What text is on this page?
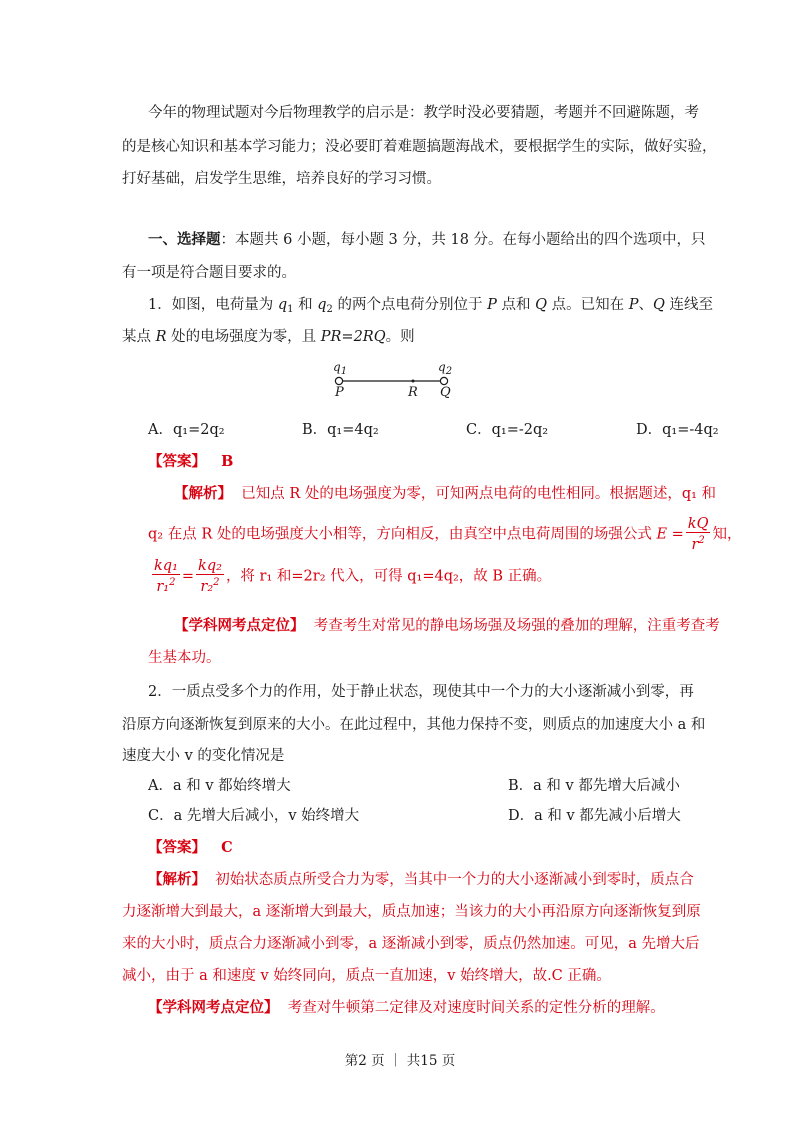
今年的物理试题对今后物理教学的启示是：教学时没必要猜题，考题并不回避陈题，考
的是核心知识和基本学习能力；没必要盯着难题搞题海战术，要根据学生的实际，做好实验，
打好基础，启发学生思维，培养良好的学习习惯。
一、选择题：本题共 6 小题，每小题 3 分，共 18 分。在每小题给出的四个选项中，只
有一项是符合题目要求的。
1．如图，电荷量为 $q_1$ 和 $q_2$ 的两个点电荷分别位于 P 点和 Q 点。已知在 P、Q 连线至
某点 R 处的电场强度为零，且 PR=2RQ。则
$q_1$	$q_2$
P	R Q
A．q₁=2q₂	B．q₁=4q₂	C．q₁=-2q₂	D．q₁=-4q₂
【答案】 B
【解析】 已知点 R 处的电场强度为零，可知两点电荷的电性相同。根据题述，q₁ 和
q₂ 在点 R 处的电场强度大小相等，方向相反，由真空中点电荷周围的场强公式 $E = \frac{kQ}{r^2}$ 知，
$\frac{\text{kq₁}}{r_1^2} = \frac{\text{kq₂}}{r_2^2}$ ，将 r₁ 和=2r₂ 代入，可得 q₁=4q₂，故 B 正确。
【学科网考点定位】 考查考生对常见的静电场场强及场强的叠加的理解，注重考查考
生基本功。
2．一质点受多个力的作用，处于静止状态，现使其中一个力的大小逐渐减小到零，再
沿原方向逐渐恢复到原来的大小。在此过程中，其他力保持不变，则质点的加速度大小 a 和
速度大小 v 的变化情况是
A．a 和 v 都始终增大	B．a 和 v 都先增大后减小
C．a 先增大后减小，v 始终增大	D．a 和 v 都先减小后增大
【答案】 C
【解析】 初始状态质点所受合力为零，当其中一个力的大小逐渐减小到零时，质点合
力逐渐增大到最大，a 逐渐增大到最大，质点加速；当该力的大小再沿原方向逐渐恢复到原
来的大小时，质点合力逐渐减小到零，a 逐渐减小到零，质点仍然加速。可见，a 先增大后
减小，由于 a 和速度 v 始终同向，质点一直加速，v 始终增大，故.C 正确。
【学科网考点定位】 考查对牛顿第二定律及对速度时间关系的定性分析的理解。
第2 页 ｜ 共15 页
